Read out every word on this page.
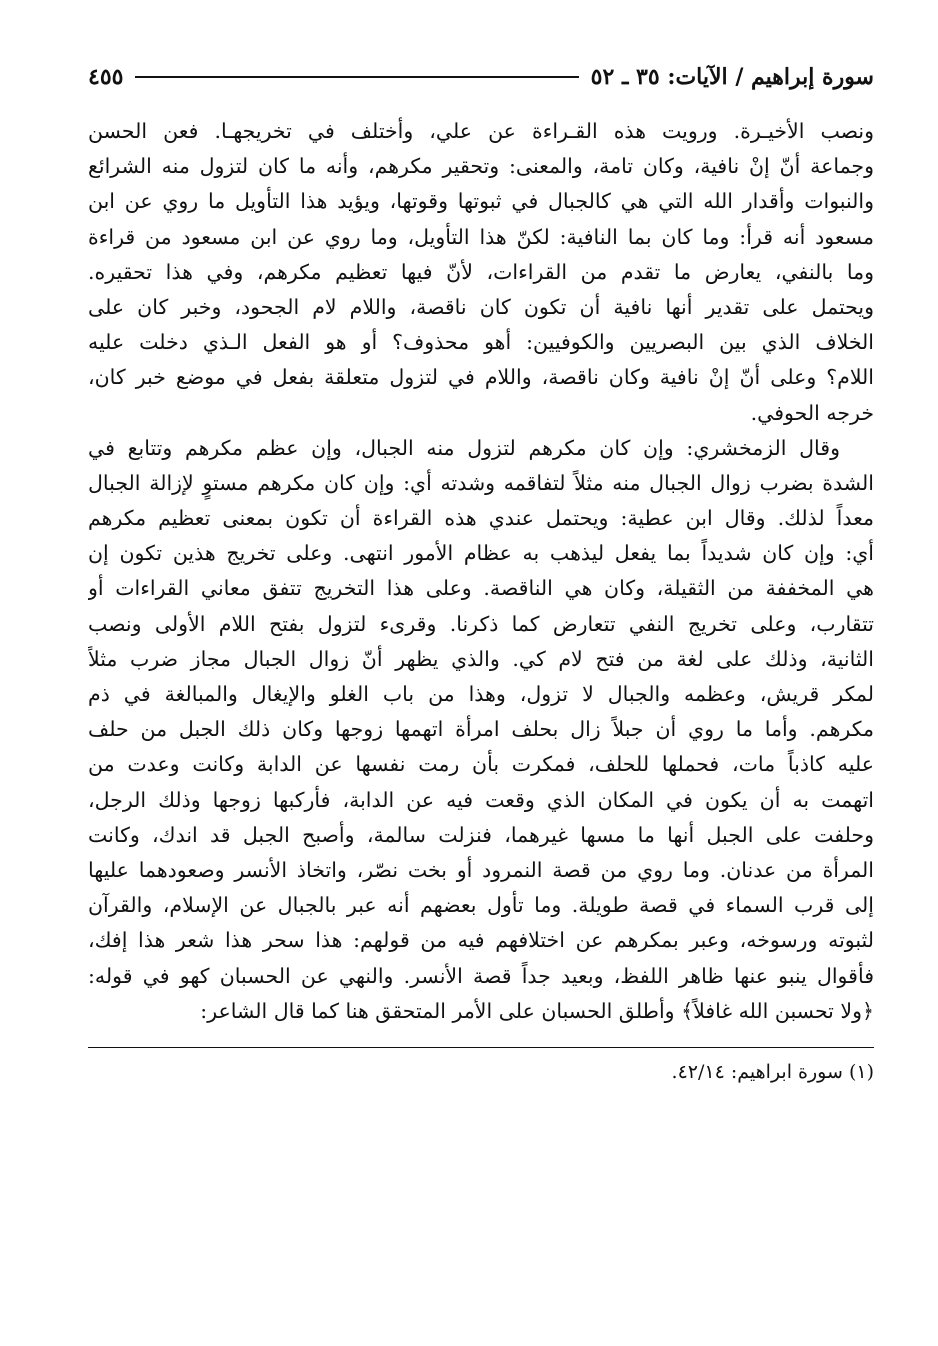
سورة إبراهيم / الآيات: ٣٥ ـ ٥٢
٤٥٥
ونصب الأخيـرة. ورويت هذه القـراءة عن علي، وأختلف في تخريجهـا. فعن الحسن
وجماعة أنّ إنْ نافية، وكان تامة، والمعنى: وتحقير مكرهم، وأنه ما كان لتزول منه الشرائع
والنبوات وأقدار الله التي هي كالجبال في ثبوتها وقوتها، ويؤيد هذا التأويل ما روي عن ابن
مسعود أنه قرأ: وما كان بما النافية: لكنّ هذا التأويل، وما روي عن ابن مسعود من قراءة
وما بالنفي، يعارض ما تقدم من القراءات، لأنّ فيها تعظيم مكرهم، وفي هذا تحقيره.
ويحتمل على تقدير أنها نافية أن تكون كان ناقصة، واللام لام الجحود، وخبر كان على
الخلاف الذي بين البصريين والكوفيين: أهو محذوف؟ أو هو الفعل الـذي دخلت عليه
اللام؟ وعلى أنّ إنْ نافية وكان ناقصة، واللام في لتزول متعلقة بفعل في موضع خبر كان،
خرجه الحوفي.
وقال الزمخشري: وإن كان مكرهم لتزول منه الجبال، وإن عظم مكرهم وتتابع في
الشدة بضرب زوال الجبال منه مثلاً لتفاقمه وشدته أي: وإن كان مكرهم مستوٍ لإزالة الجبال
معداً لذلك. وقال ابن عطية: ويحتمل عندي هذه القراءة أن تكون بمعنى تعظيم مكرهم
أي: وإن كان شديداً بما يفعل ليذهب به عظام الأمور انتهى. وعلى تخريج هذين تكون إن
هي المخففة من الثقيلة، وكان هي الناقصة. وعلى هذا التخريج تتفق معاني القراءات أو
تتقارب، وعلى تخريج النفي تتعارض كما ذكرنا. وقرىء لتزول بفتح اللام الأولى ونصب
الثانية، وذلك على لغة من فتح لام كي. والذي يظهر أنّ زوال الجبال مجاز ضرب مثلاً
لمكر قريش، وعظمه والجبال لا تزول، وهذا من باب الغلو والإيغال والمبالغة في ذم
مكرهم. وأما ما روي أن جبلاً زال بحلف امرأة اتهمها زوجها وكان ذلك الجبل من حلف
عليه كاذباً مات، فحملها للحلف، فمكرت بأن رمت نفسها عن الدابة وكانت وعدت من
اتهمت به أن يكون في المكان الذي وقعت فيه عن الدابة، فأركبها زوجها وذلك الرجل،
وحلفت على الجبل أنها ما مسها غيرهما، فنزلت سالمة، وأصبح الجبل قد اندك، وكانت
المرأة من عدنان. وما روي من قصة النمرود أو بخت نصّر، واتخاذ الأنسر وصعودهما عليها
إلى قرب السماء في قصة طويلة. وما تأول بعضهم أنه عبر بالجبال عن الإسلام، والقرآن
لثبوته ورسوخه، وعبر بمكرهم عن اختلافهم فيه من قولهم: هذا سحر هذا شعر هذا إفك،
فأقوال ينبو عنها ظاهر اللفظ، وبعيد جداً قصة الأنسر. والنهي عن الحسبان كهو في قوله:
﴿ولا تحسبن الله غافلاً﴾ وأطلق الحسبان على الأمر المتحقق هنا كما قال الشاعر:
(١) سورة ابراهيم: ٤٢/١٤.
